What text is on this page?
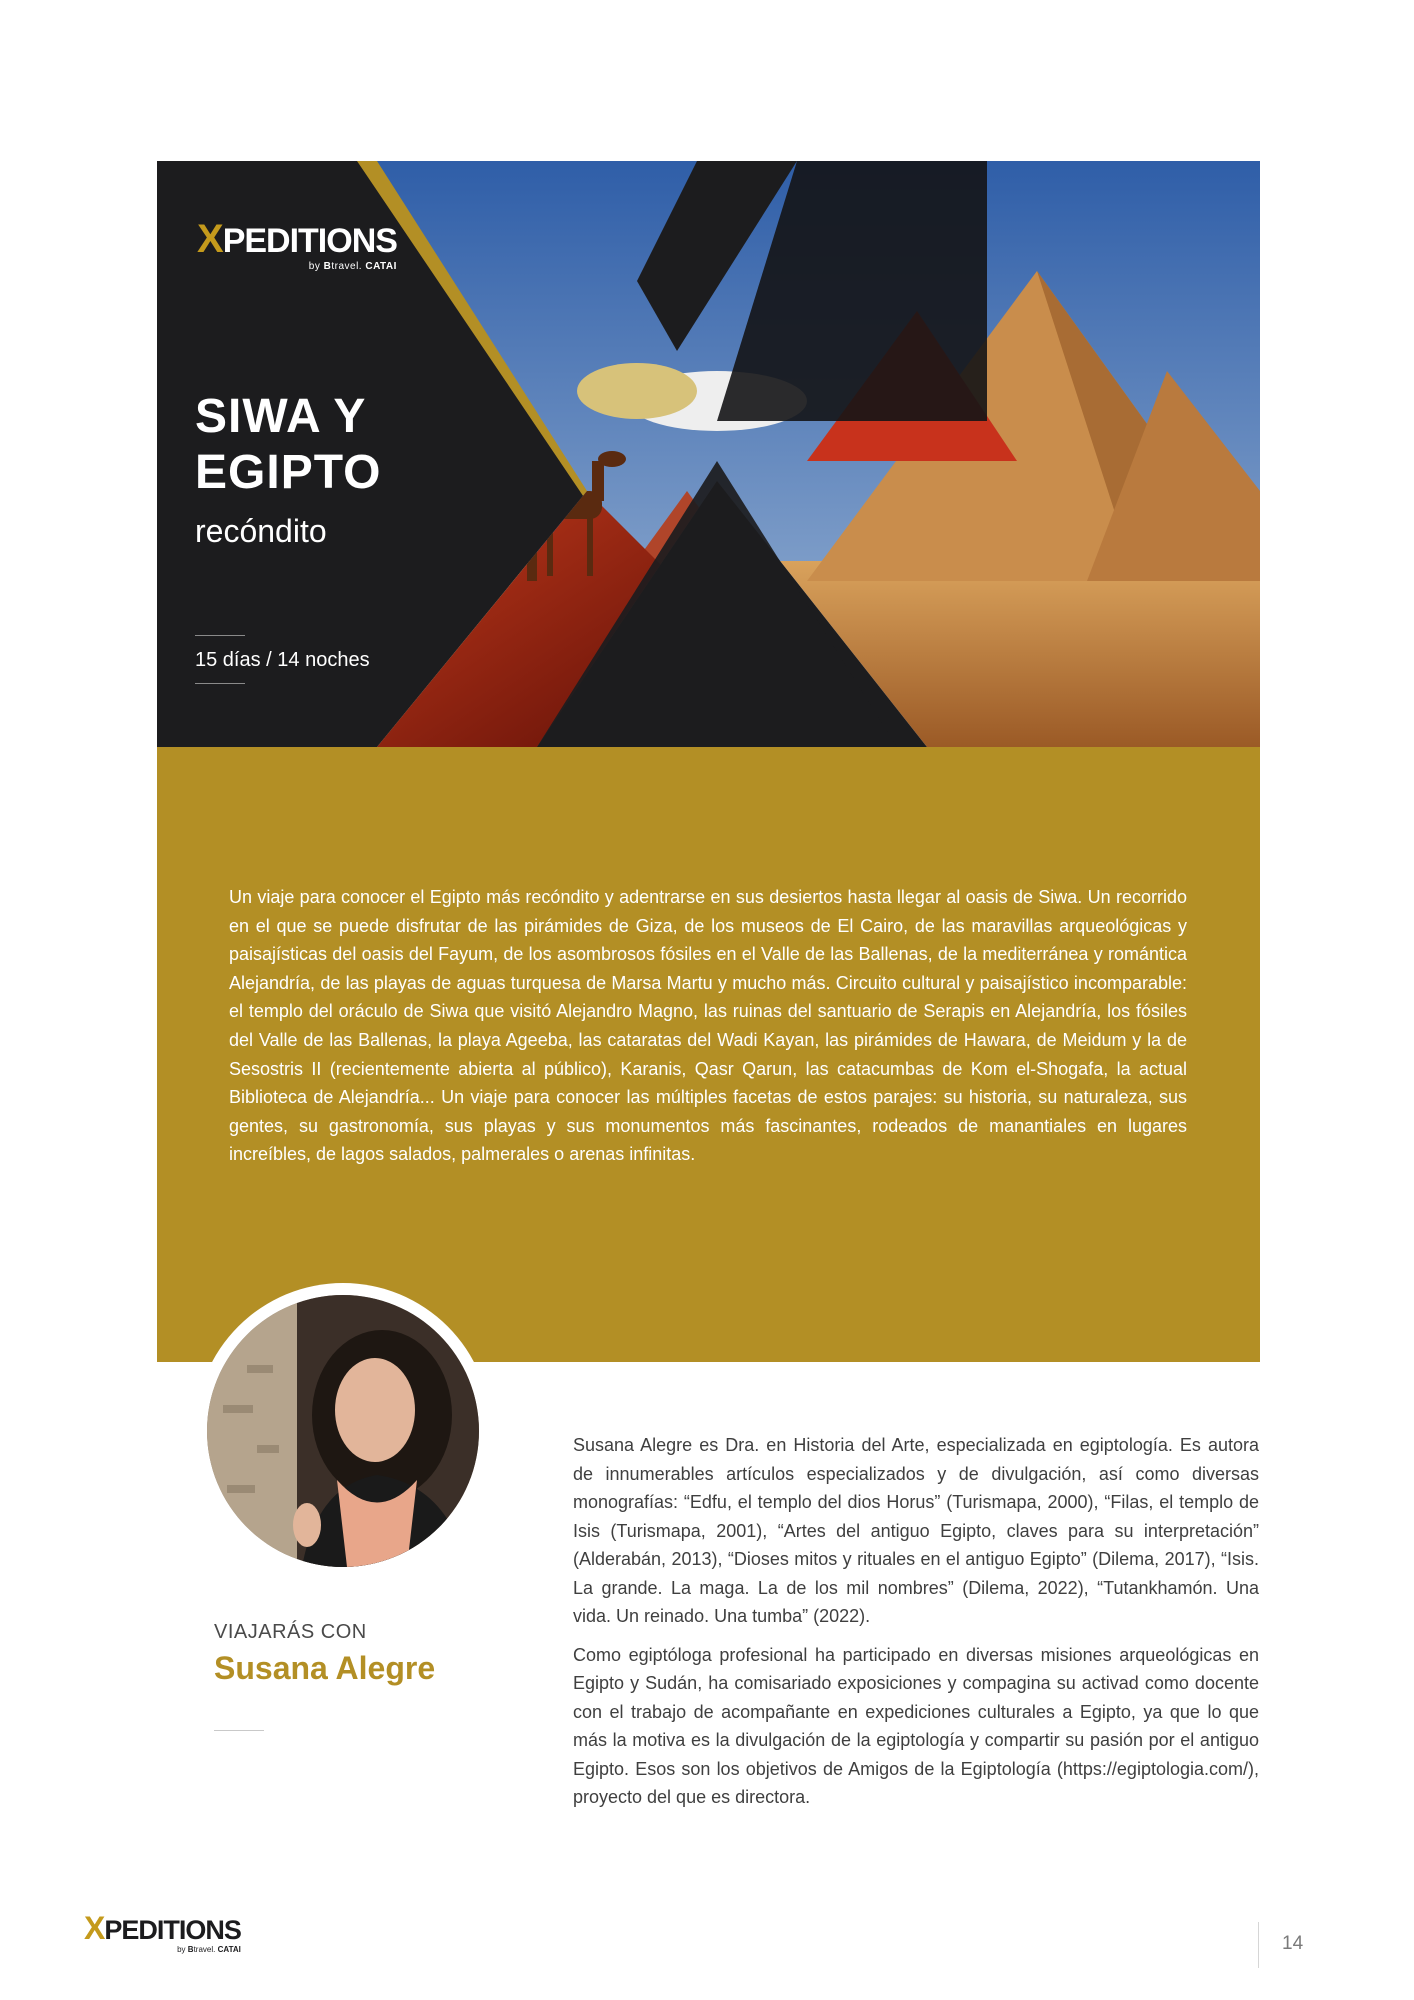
XPEDITIONS
by Btravel. CATAI
SIWA Y
EGIPTO
recóndito
15 días / 14 noches

Un viaje para conocer el Egipto más recóndito y adentrarse en sus desiertos hasta llegar al oasis de Siwa. Un recorrido en el que se puede disfrutar de las pirámides de Giza, de los museos de El Cairo, de las maravillas arqueológicas y paisajísticas del oasis del Fayum, de los asombrosos fósiles en el Valle de las Ballenas, de la mediterránea y romántica Alejandría, de las playas de aguas turquesa de Marsa Martu y mucho más. Circuito cultural y paisajístico incomparable: el templo del oráculo de Siwa que visitó Alejandro Magno, las ruinas del santuario de Serapis en Alejandría, los fósiles del Valle de las Ballenas, la playa Ageeba, las cataratas del Wadi Kayan, las pirámides de Hawara, de Meidum y la de Sesostris II (recientemente abierta al público), Karanis, Qasr Qarun, las catacumbas de Kom el-Shogafa, la actual Biblioteca de Alejandría... Un viaje para conocer las múltiples facetas de estos parajes: su historia, su naturaleza, sus gentes, su gastronomía, sus playas y sus monumentos más fascinantes, rodeados de manantiales en lugares increíbles, de lagos salados, palmerales o arenas infinitas.

VIAJARÁS CON
Susana Alegre

Susana Alegre es Dra. en Historia del Arte, especializada en egiptología. Es autora de innumerables artículos especializados y de divulgación, así como diversas monografías: “Edfu, el templo del dios Horus” (Turismapa, 2000), “Filas, el templo de Isis (Turismapa, 2001), “Artes del antiguo Egipto, claves para su interpretación” (Alderabán, 2013), “Dioses mitos y rituales en el antiguo Egipto” (Dilema, 2017), “Isis. La grande. La maga. La de los mil nombres” (Dilema, 2022), “Tutankhamón. Una vida. Un reinado. Una tumba” (2022).

Como egiptóloga profesional ha participado en diversas misiones arqueológicas en Egipto y Sudán, ha comisariado exposiciones y compagina su activad como docente con el trabajo de acompañante en expediciones culturales a Egipto, ya que lo que más la motiva es la divulgación de la egiptología y compartir su pasión por el antiguo Egipto. Esos son los objetivos de Amigos de la Egiptología (https://egiptologia.com/), proyecto del que es directora.

XPEDITIONS
by Btravel. CATAI	14
